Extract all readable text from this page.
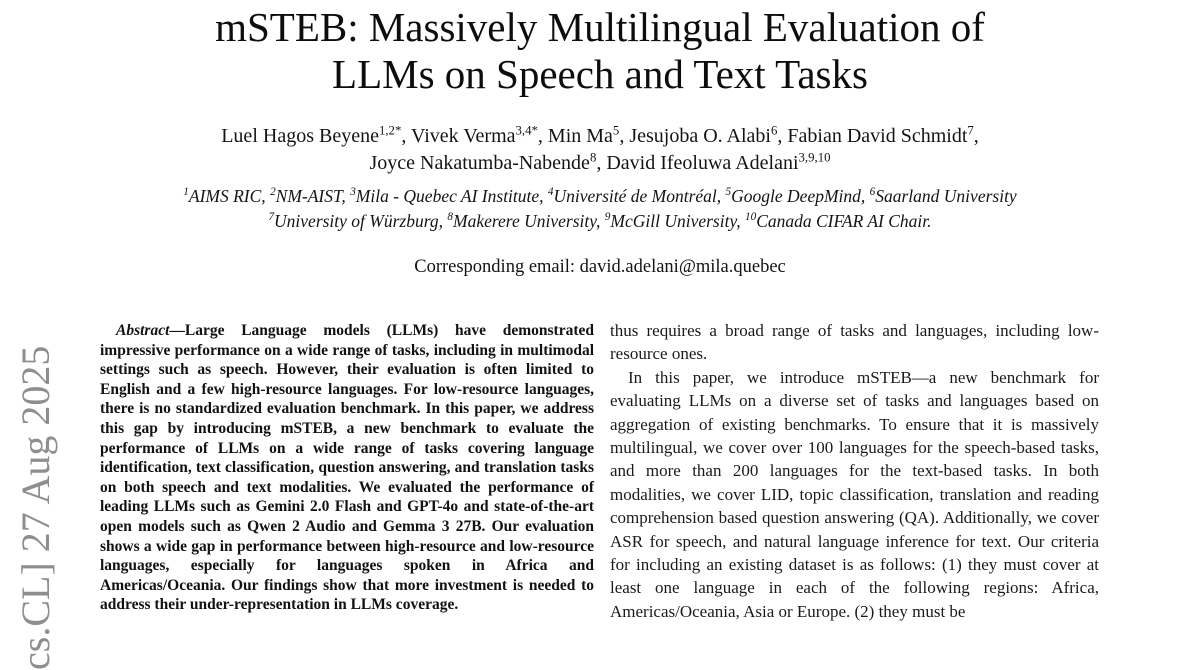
cs.CL] 27 Aug 2025
mSTEB: Massively Multilingual Evaluation of
LLMs on Speech and Text Tasks
Luel Hagos Beyene$^{1,2*}$, Vivek Verma$^{3,4*}$, Min Ma$^5$, Jesujoba O. Alabi$^6$, Fabian David Schmidt$^7$,
Joyce Nakatumba-Nabende$^8$, David Ifeoluwa Adelani$^{3,9,10}$
$^1$AIMS RIC, $^2$NM-AIST, $^3$Mila - Quebec AI Institute, $^4$Université de Montréal, $^5$Google DeepMind, $^6$Saarland University
$^7$University of Würzburg, $^8$Makerere University, $^9$McGill University, $^{10}$Canada CIFAR AI Chair.
Corresponding email: david.adelani@mila.quebec

Abstract—Large Language models (LLMs) have demonstrated impressive performance on a wide range of tasks, including in multimodal settings such as speech. However, their evaluation is often limited to English and a few high-resource languages. For low-resource languages, there is no standardized evaluation benchmark. In this paper, we address this gap by introducing mSTEB, a new benchmark to evaluate the performance of LLMs on a wide range of tasks covering language identification, text classification, question answering, and translation tasks on both speech and text modalities. We evaluated the performance of leading LLMs such as Gemini 2.0 Flash and GPT-4o and state-of-the-art open models such as Qwen 2 Audio and Gemma 3 27B. Our evaluation shows a wide gap in performance between high-resource and low-resource languages, especially for languages spoken in Africa and Americas/Oceania. Our findings show that more investment is needed to address their under-representation in LLMs coverage.

thus requires a broad range of tasks and languages, including low-resource ones.

In this paper, we introduce mSTEB—a new benchmark for evaluating LLMs on a diverse set of tasks and languages based on aggregation of existing benchmarks. To ensure that it is massively multilingual, we cover over 100 languages for the speech-based tasks, and more than 200 languages for the text-based tasks. In both modalities, we cover LID, topic classification, translation and reading comprehension based question answering (QA). Additionally, we cover ASR for speech, and natural language inference for text. Our criteria for including an existing dataset is as follows: (1) they must cover at least one language in each of the following regions: Africa, Americas/Oceania, Asia or Europe. (2) they must be
